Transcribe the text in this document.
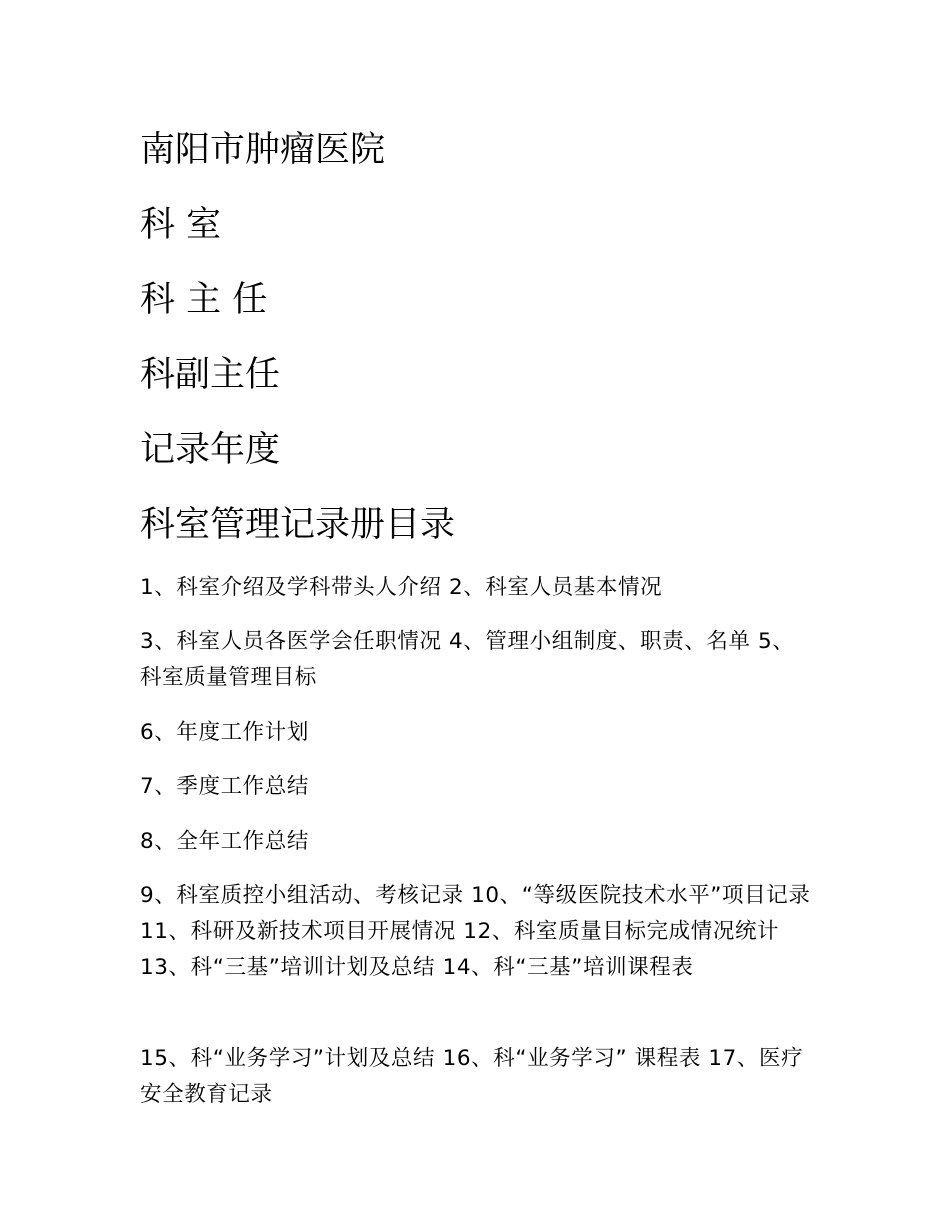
南阳市肿瘤医院
科 室
科 主 任
科副主任
记录年度
科室管理记录册目录

1、科室介绍及学科带头人介绍 2、科室人员基本情况

3、科室人员各医学会任职情况 4、管理小组制度、职责、名单 5、科室质量管理目标

6、年度工作计划

7、季度工作总结

8、全年工作总结

9、科室质控小组活动、考核记录 10、“等级医院技术水平”项目记录 11、科研及新技术项目开展情况 12、科室质量目标完成情况统计 13、科“三基”培训计划及总结 14、科“三基”培训课程表

15、科“业务学习”计划及总结 16、科“业务学习” 课程表 17、医疗安全教育记录
